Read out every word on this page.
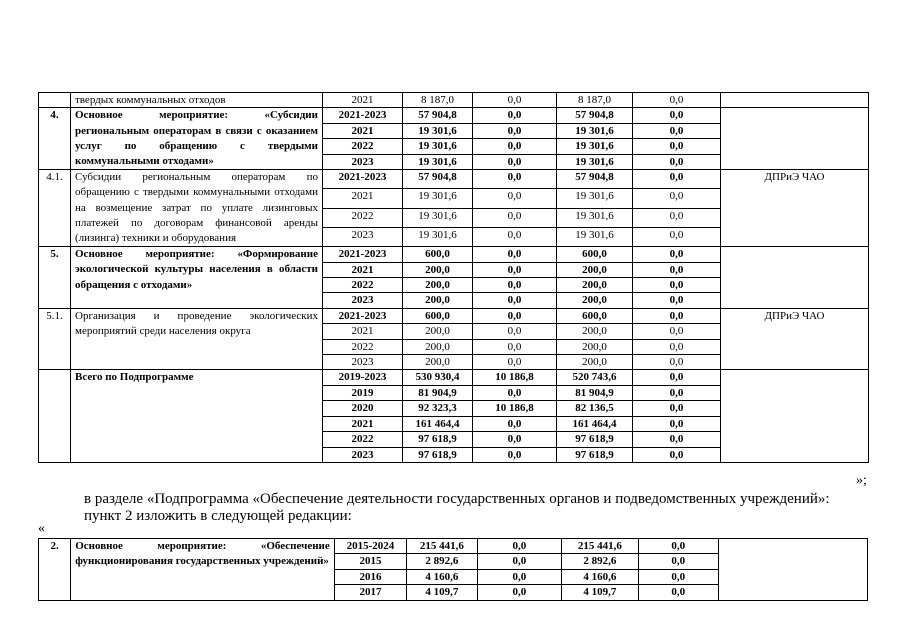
	твердых коммунальных отходов	2021	8 187,0	0,0	8 187,0	0,0	
4.	Основное мероприятие: «Субсидии региональным операторам в связи с оказанием услуг по обращению с твердыми коммунальными отходами»	2021-2023	57 904,8	0,0	57 904,8	0,0	
		2021	19 301,6	0,0	19 301,6	0,0	
		2022	19 301,6	0,0	19 301,6	0,0	
		2023	19 301,6	0,0	19 301,6	0,0	
4.1.	Субсидии региональным операторам по обращению с твердыми коммунальными отходами на возмещение затрат по уплате лизинговых платежей по договорам финансовой аренды (лизинга) техники и оборудования	2021-2023	57 904,8	0,0	57 904,8	0,0	ДПРиЭ ЧАО
		2021	19 301,6	0,0	19 301,6	0,0	
		2022	19 301,6	0,0	19 301,6	0,0	
		2023	19 301,6	0,0	19 301,6	0,0	
5.	Основное мероприятие: «Формирование экологической культуры населения в области обращения с отходами»	2021-2023	600,0	0,0	600,0	0,0	
		2021	200,0	0,0	200,0	0,0	
		2022	200,0	0,0	200,0	0,0	
		2023	200,0	0,0	200,0	0,0	
5.1.	Организация и проведение экологических мероприятий среди населения округа	2021-2023	600,0	0,0	600,0	0,0	ДПРиЭ ЧАО
		2021	200,0	0,0	200,0	0,0	
		2022	200,0	0,0	200,0	0,0	
		2023	200,0	0,0	200,0	0,0	
	Всего по Подпрограмме	2019-2023	530 930,4	10 186,8	520 743,6	0,0	
		2019	81 904,9	0,0	81 904,9	0,0	
		2020	92 323,3	10 186,8	82 136,5	0,0	
		2021	161 464,4	0,0	161 464,4	0,0	
		2022	97 618,9	0,0	97 618,9	0,0	
		2023	97 618,9	0,0	97 618,9	0,0	
»;
в разделе «Подпрограмма «Обеспечение деятельности государственных органов и подведомственных учреждений»:
пункт 2 изложить в следующей редакции:
«
2.	Основное мероприятие: «Обеспечение функционирования государственных учреждений»	2015-2024	215 441,6	0,0	215 441,6	0,0	
		2015	2 892,6	0,0	2 892,6	0,0	
		2016	4 160,6	0,0	4 160,6	0,0	
		2017	4 109,7	0,0	4 109,7	0,0	
